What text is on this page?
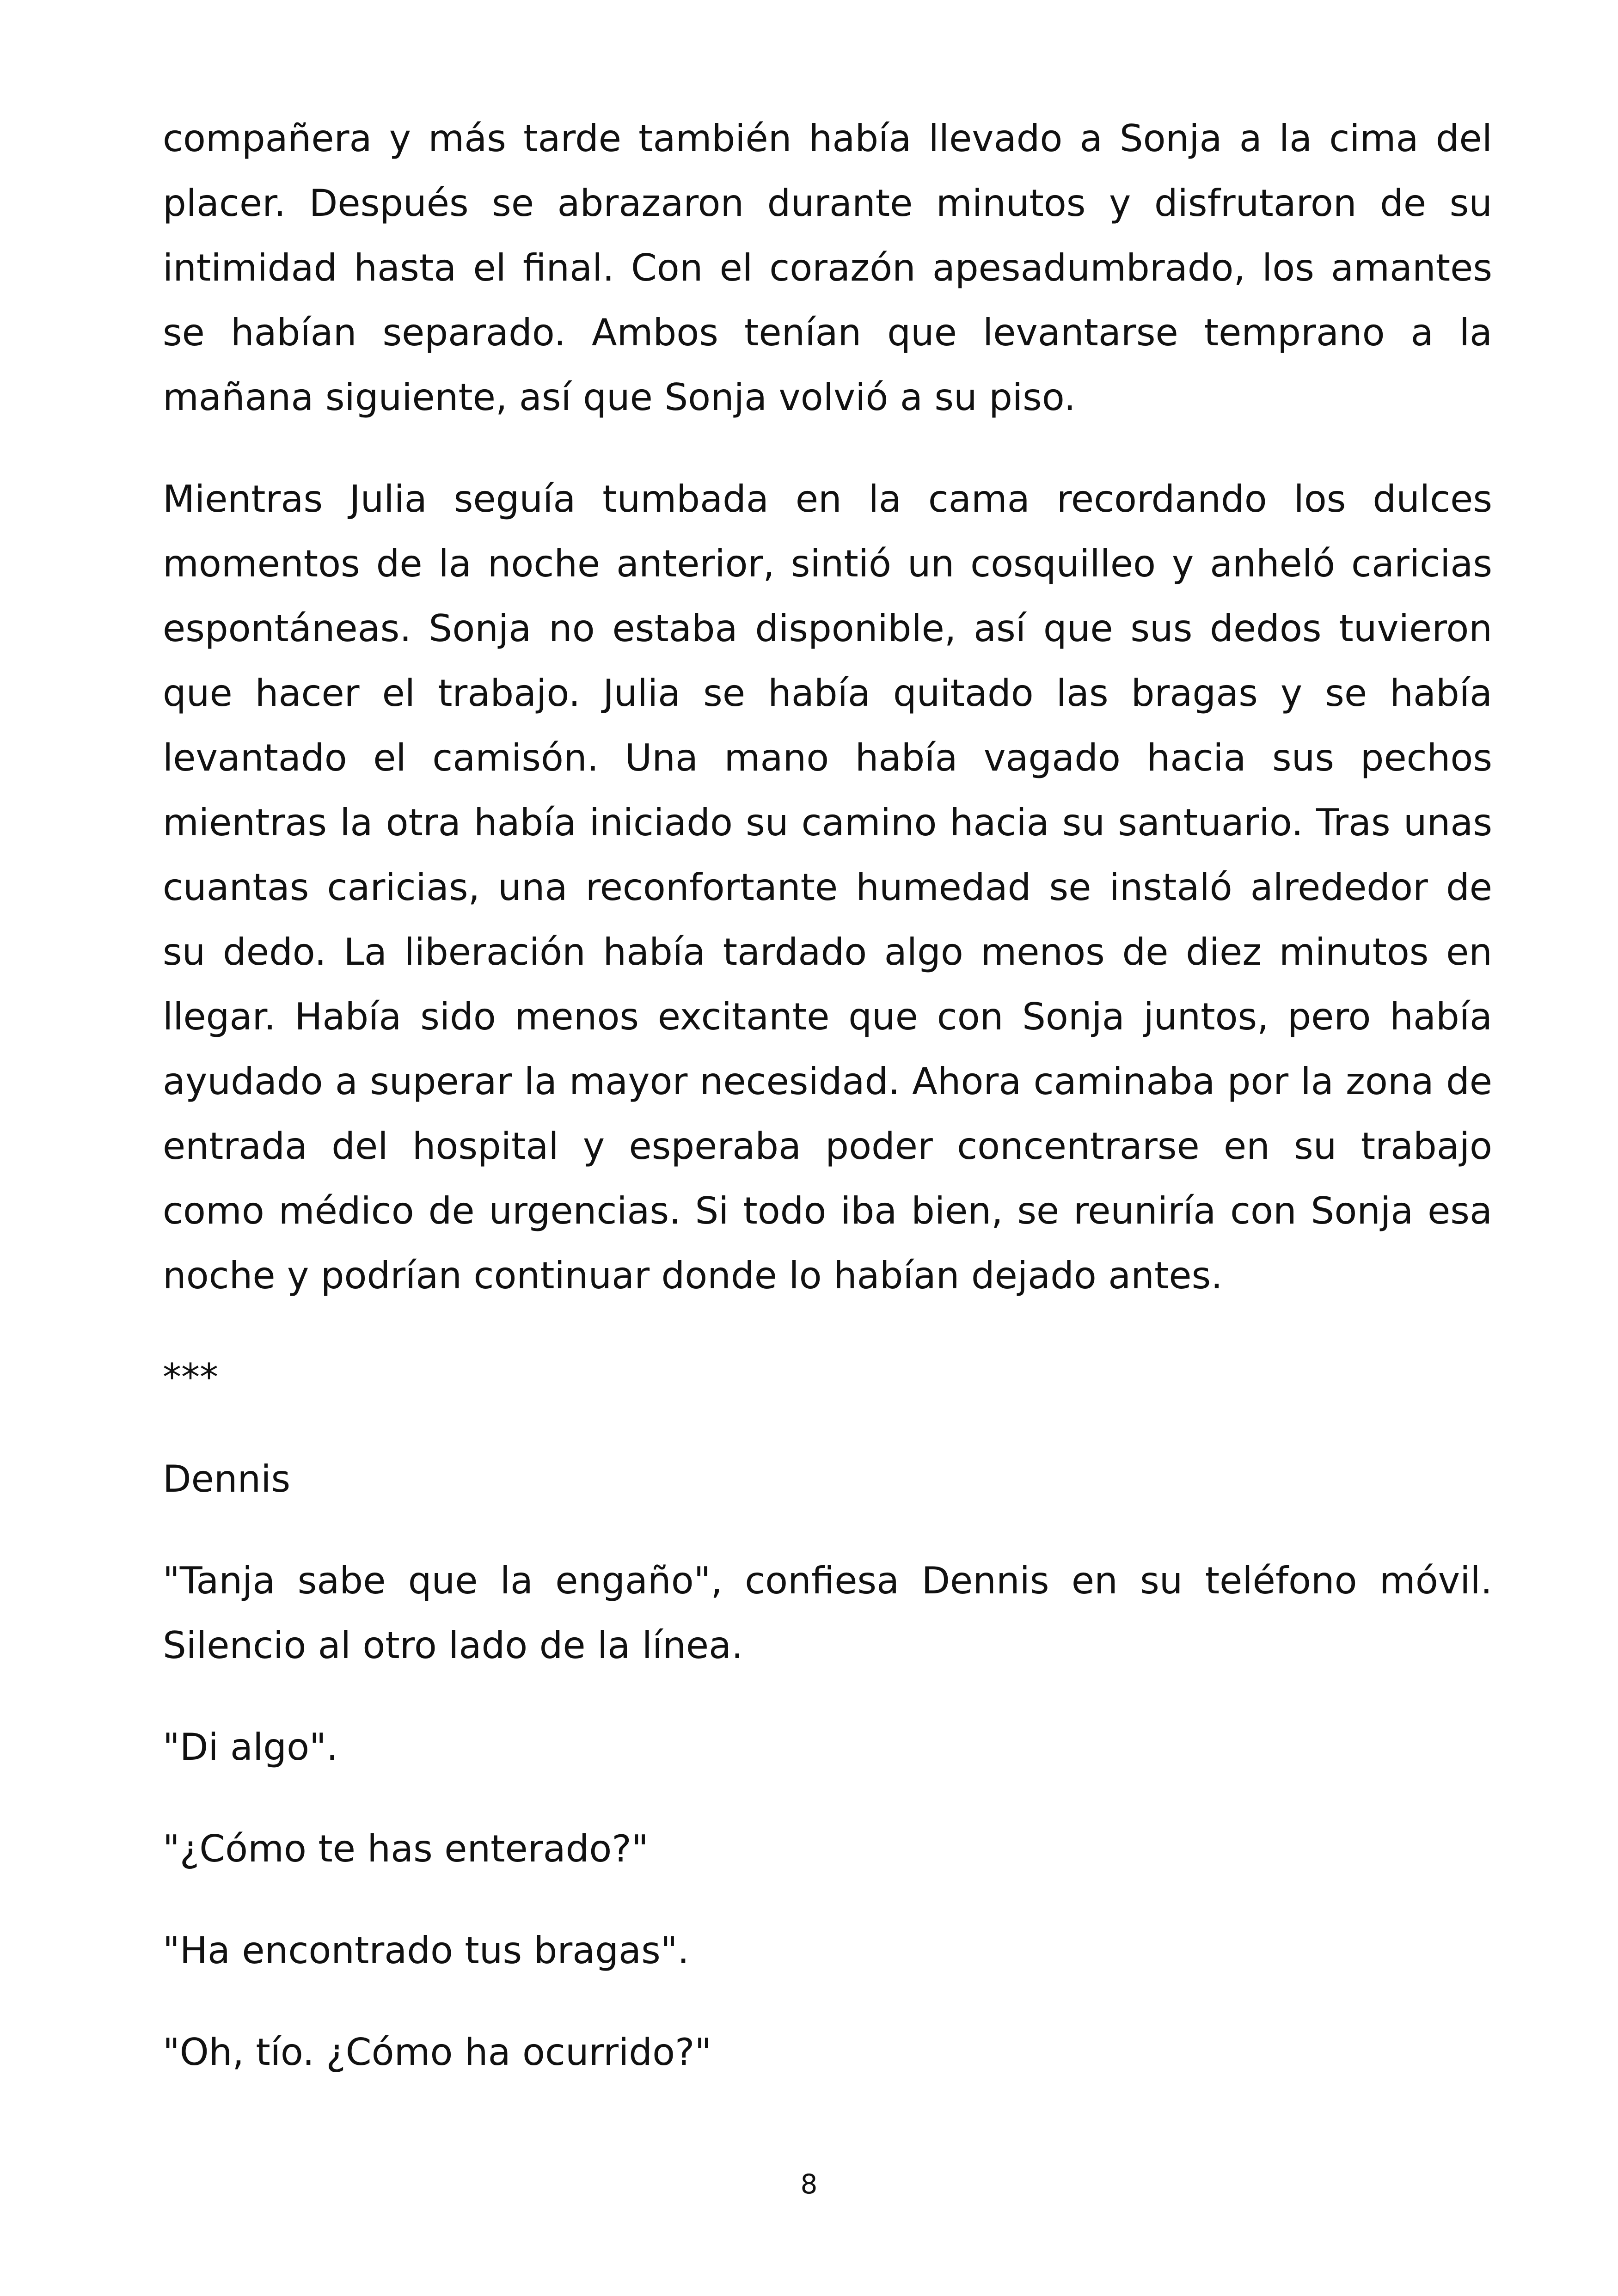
compañera y más tarde también había llevado a Sonja a la cima del placer. Después se abrazaron durante minutos y disfrutaron de su intimidad hasta el final. Con el corazón apesadumbrado, los amantes se habían separado. Ambos tenían que levantarse temprano a la mañana siguiente, así que Sonja volvió a su piso.

Mientras Julia seguía tumbada en la cama recordando los dulces momentos de la noche anterior, sintió un cosquilleo y anheló caricias espontáneas. Sonja no estaba disponible, así que sus dedos tuvieron que hacer el trabajo. Julia se había quitado las bragas y se había levantado el camisón. Una mano había vagado hacia sus pechos mientras la otra había iniciado su camino hacia su santuario. Tras unas cuantas caricias, una reconfortante humedad se instaló alrededor de su dedo. La liberación había tardado algo menos de diez minutos en llegar. Había sido menos excitante que con Sonja juntos, pero había ayudado a superar la mayor necesidad. Ahora caminaba por la zona de entrada del hospital y esperaba poder concentrarse en su trabajo como médico de urgencias. Si todo iba bien, se reuniría con Sonja esa noche y podrían continuar donde lo habían dejado antes.

***

Dennis

"Tanja sabe que la engaño", confiesa Dennis en su teléfono móvil. Silencio al otro lado de la línea.

"Di algo".

"¿Cómo te has enterado?"

"Ha encontrado tus bragas".

"Oh, tío. ¿Cómo ha ocurrido?"

8
